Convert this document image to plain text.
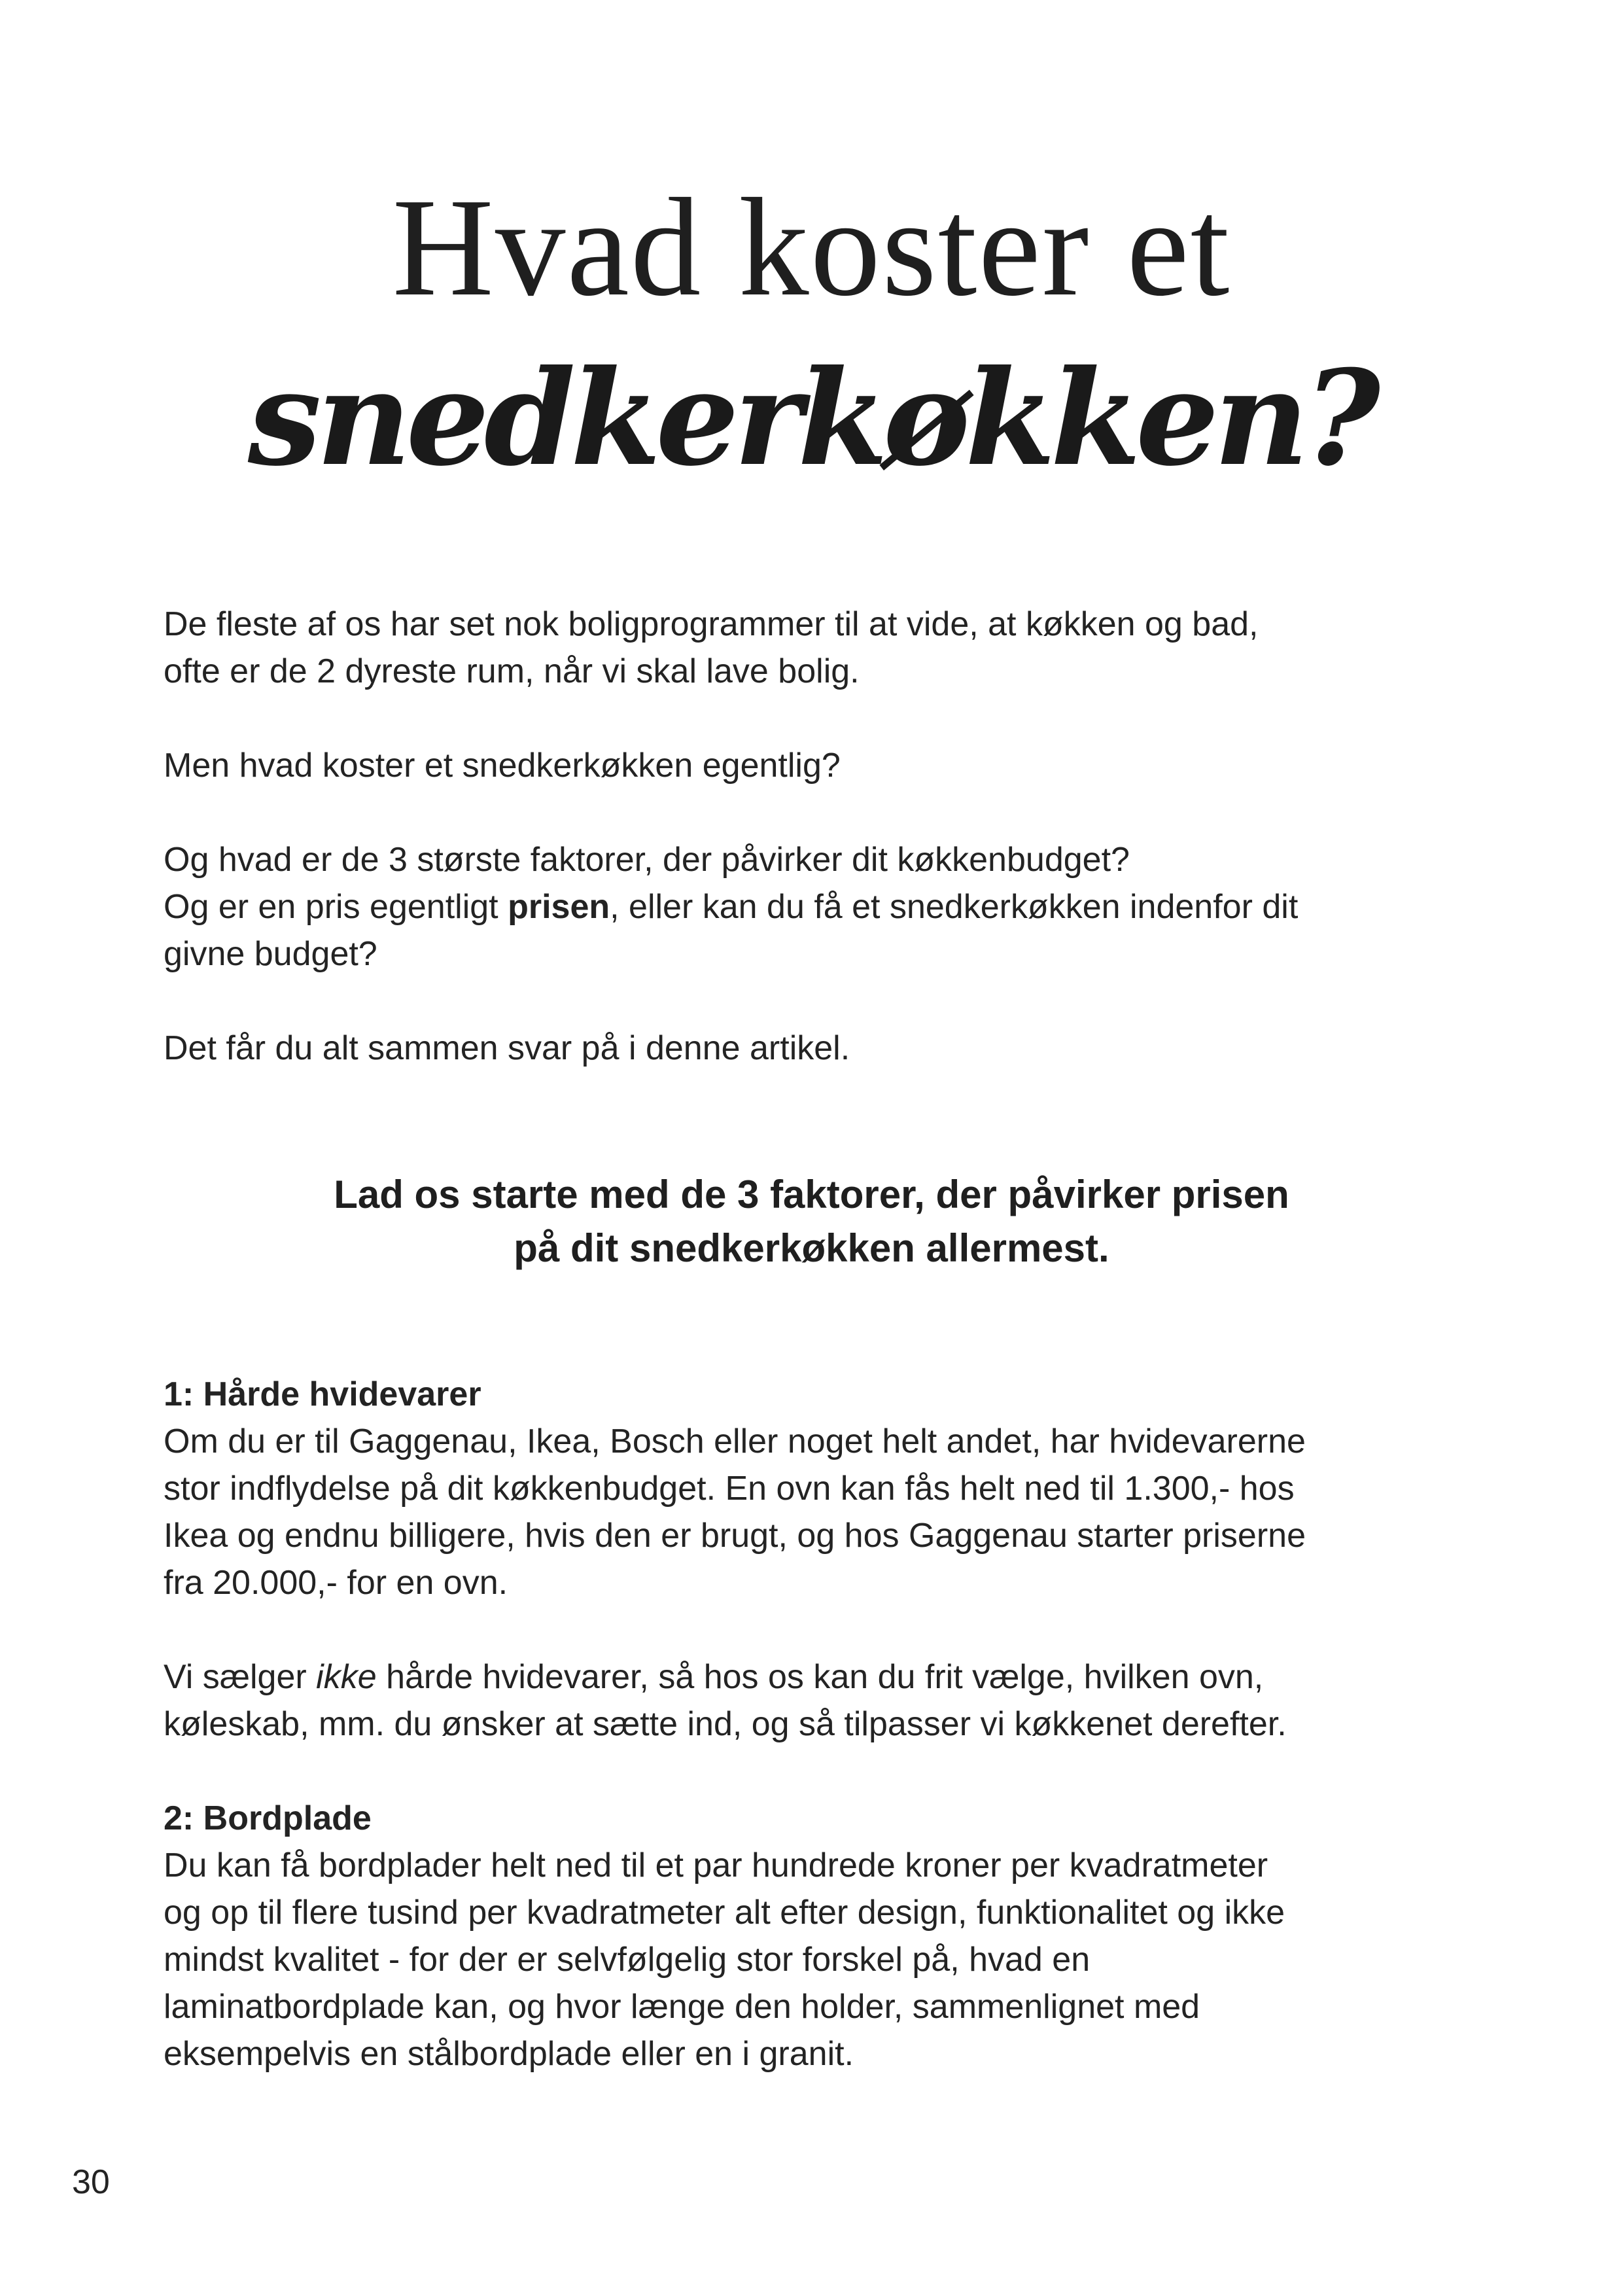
Hvad koster et
snedkerkøkken?

De fleste af os har set nok boligprogrammer til at vide, at køkken og bad,

ofte er de 2 dyreste rum, når vi skal lave bolig.

Men hvad koster et snedkerkøkken egentlig?

Og hvad er de 3 største faktorer, der påvirker dit køkkenbudget?

Og er en pris egentligt prisen, eller kan du få et snedkerkøkken indenfor dit

givne budget?

Det får du alt sammen svar på i denne artikel.

Lad os starte med de 3 faktorer, der påvirker prisen
på dit snedkerkøkken allermest.

1: Hårde hvidevarer

Om du er til Gaggenau, Ikea, Bosch eller noget helt andet, har hvidevarerne

stor indflydelse på dit køkkenbudget. En ovn kan fås helt ned til 1.300,- hos

Ikea og endnu billigere, hvis den er brugt, og hos Gaggenau starter priserne

fra 20.000,- for en ovn.

Vi sælger ikke hårde hvidevarer, så hos os kan du frit vælge, hvilken ovn,

køleskab, mm. du ønsker at sætte ind, og så tilpasser vi køkkenet derefter.

2: Bordplade

Du kan få bordplader helt ned til et par hundrede kroner per kvadratmeter

og op til flere tusind per kvadratmeter alt efter design, funktionalitet og ikke

mindst kvalitet - for der er selvfølgelig stor forskel på, hvad en

laminatbordplade kan, og hvor længe den holder, sammenlignet med

eksempelvis en stålbordplade eller en i granit.

30
